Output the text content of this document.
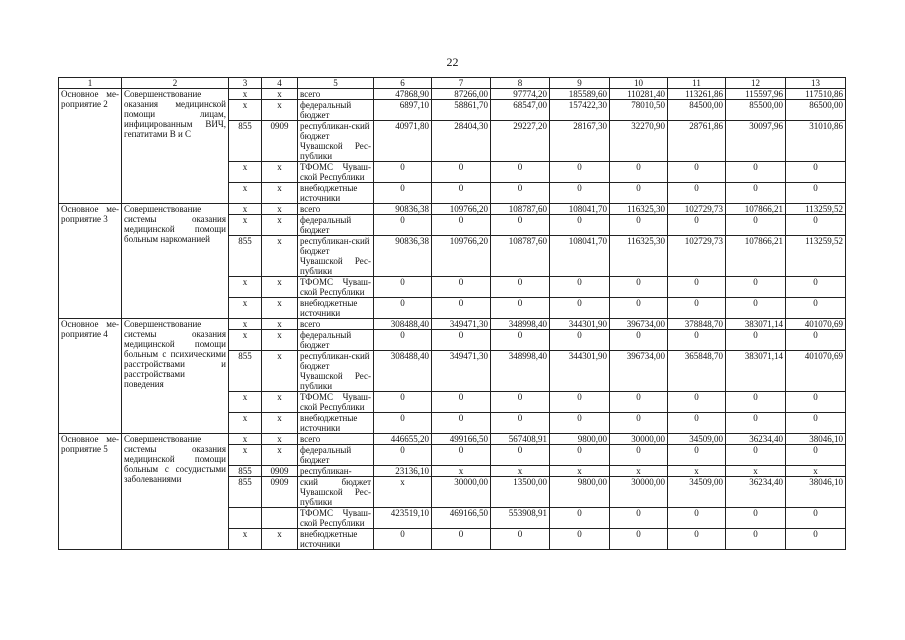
22
1	2	3	4	5	6	7	8	9	10	11	12	13
Основное ме-роприятие 2	Совершенствование оказания медицинской помощи лицам, инфицированным ВИЧ, гепатитами В и С	x	x	всего	47868,90	87266,00	97774,20	185589,60	110281,40	113261,86	115597,96	117510,86
		x	x	федеральный бюджет	6897,10	58861,70	68547,00	157422,30	78010,50	84500,00	85500,00	86500,00
		855	0909	республикан-ский бюджет Чувашской Рес-публики	40971,80	28404,30	29227,20	28167,30	32270,90	28761,86	30097,96	31010,86
		x	x	ТФОМС Чуваш-ской Республики	0	0	0	0	0	0	0	0
		x	x	внебюджетные источники	0	0	0	0	0	0	0	0
Основное ме-роприятие 3	Совершенствование системы оказания медицинской помощи больным наркоманией	x	x	всего	90836,38	109766,20	108787,60	108041,70	116325,30	102729,73	107866,21	113259,52
		x	x	федеральный бюджет	0	0	0	0	0	0	0	0
		855	x	республикан-ский бюджет Чувашской Рес-публики	90836,38	109766,20	108787,60	108041,70	116325,30	102729,73	107866,21	113259,52
		x	x	ТФОМС Чуваш-ской Республики	0	0	0	0	0	0	0	0
		x	x	внебюджетные источники	0	0	0	0	0	0	0	0
Основное ме-роприятие 4	Совершенствование системы оказания медицинской помощи больным с психическими расстройствами и расстройствами поведения	x	x	всего	308488,40	349471,30	348998,40	344301,90	396734,00	378848,70	383071,14	401070,69
		x	x	федеральный бюджет	0	0	0	0	0	0	0	0
		855	x	республикан-ский бюджет Чувашской Рес-публики	308488,40	349471,30	348998,40	344301,90	396734,00	365848,70	383071,14	401070,69
		x	x	ТФОМС Чуваш-ской Республики	0	0	0	0	0	0	0	0
		x	x	внебюджетные источники	0	0	0	0	0	0	0	0
Основное ме-роприятие 5	Совершенствование системы оказания медицинской помощи больным с сосудистыми заболеваниями	x	x	всего	446655,20	499166,50	567408,91	9800,00	30000,00	34509,00	36234,40	38046,10
		x	x	федеральный бюджет	0	0	0	0	0	0	0	0
		855	0909	республикан-	23136,10	x	x	x	x	x	x	x
		855	0909	ский бюджет Чувашской Рес-публики	x	30000,00	13500,00	9800,00	30000,00	34509,00	36234,40	38046,10
				ТФОМС Чуваш-ской Республики	423519,10	469166,50	553908,91	0	0	0	0	0
		x	x	внебюджетные источники	0	0	0	0	0	0	0	0
